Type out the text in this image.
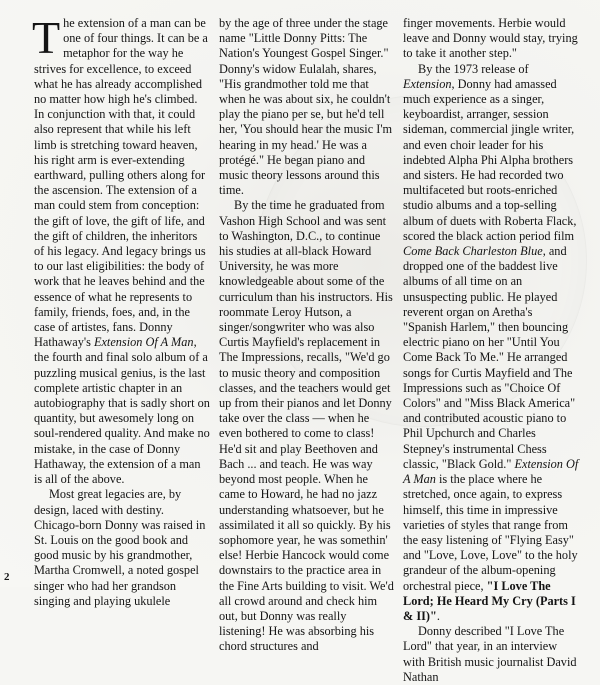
The extension of a man can be one of four things. It can be a metaphor for the way he strives for excellence, to exceed what he has already accomplished no matter how high he's climbed. In conjunction with that, it could also represent that while his left limb is stretching toward heaven, his right arm is ever-extending earthward, pulling others along for the ascension. The extension of a man could stem from conception: the gift of love, the gift of life, and the gift of children, the inheritors of his legacy. And legacy brings us to our last eligibilities: the body of work that he leaves behind and the essence of what he represents to family, friends, foes, and, in the case of artistes, fans. Donny Hathaway's Extension Of A Man, the fourth and final solo album of a puzzling musical genius, is the last complete artistic chapter in an autobiography that is sadly short on quantity, but awesomely long on soul-rendered quality. And make no mistake, in the case of Donny Hathaway, the extension of a man is all of the above.

Most great legacies are, by design, laced with destiny. Chicago-born Donny was raised in St. Louis on the good book and good music by his grandmother, Martha Cromwell, a noted gospel singer who had her grandson singing and playing ukulele

by the age of three under the stage name "Little Donny Pitts: The Nation's Youngest Gospel Singer." Donny's widow Eulalah, shares, "His grandmother told me that when he was about six, he couldn't play the piano per se, but he'd tell her, 'You should hear the music I'm hearing in my head.' He was a protégé." He began piano and music theory lessons around this time.

By the time he graduated from Vashon High School and was sent to Washington, D.C., to continue his studies at all-black Howard University, he was more knowledgeable about some of the curriculum than his instructors. His roommate Leroy Hutson, a singer/songwriter who was also Curtis Mayfield's replacement in The Impressions, recalls, "We'd go to music theory and composition classes, and the teachers would get up from their pianos and let Donny take over the class — when he even bothered to come to class! He'd sit and play Beethoven and Bach ... and teach. He was way beyond most people. When he came to Howard, he had no jazz understanding whatsoever, but he assimilated it all so quickly. By his sophomore year, he was somethin' else! Herbie Hancock would come downstairs to the practice area in the Fine Arts building to visit. We'd all crowd around and check him out, but Donny was really listening! He was absorbing his chord structures and

finger movements. Herbie would leave and Donny would stay, trying to take it another step."

By the 1973 release of Extension, Donny had amassed much experience as a singer, keyboardist, arranger, session sideman, commercial jingle writer, and even choir leader for his indebted Alpha Phi Alpha brothers and sisters. He had recorded two multifaceted but roots-enriched studio albums and a top-selling album of duets with Roberta Flack, scored the black action period film Come Back Charleston Blue, and dropped one of the baddest live albums of all time on an unsuspecting public. He played reverent organ on Aretha's "Spanish Harlem," then bouncing electric piano on her "Until You Come Back To Me." He arranged songs for Curtis Mayfield and The Impressions such as "Choice Of Colors" and "Miss Black America" and contributed acoustic piano to Phil Upchurch and Charles Stepney's instrumental Chess classic, "Black Gold." Extension Of A Man is the place where he stretched, once again, to express himself, this time in impressive varieties of styles that range from the easy listening of "Flying Easy" and "Love, Love, Love" to the holy grandeur of the album-opening orchestral piece, "I Love The Lord; He Heard My Cry (Parts I & II)".

Donny described "I Love The Lord" that year, in an interview with British music journalist David Nathan

2
